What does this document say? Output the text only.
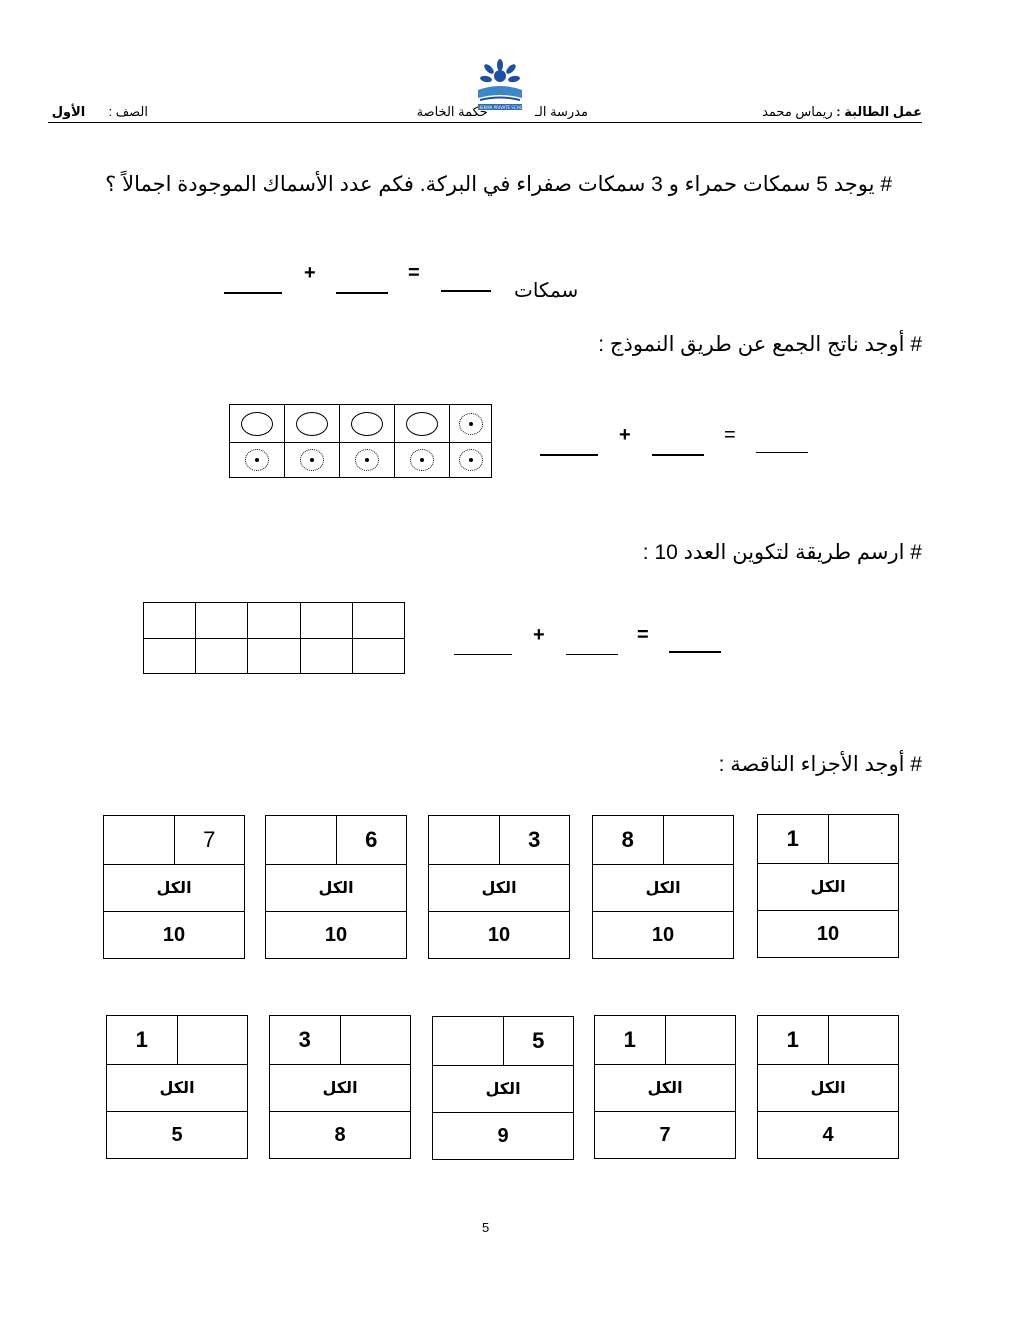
AL HEKMA PRIVATE SCHOOL	عمل الطالبة : ريماس محمد
مدرسة الـ  حكمة الخاصة
الصف :  الأول
# يوجد 5 سمكات حمراء و 3 سمكات صفراء في البركة. فكم عدد الأسماك الموجودة اجمالاً ؟
+	=
سمكات
# أوجد ناتج الجمع عن طريق النموذج :

+	=
# ارسم طريقة لتكوين العدد 10 :

+	=
# أوجد الأجزاء الناقصة :
7
الكل
10
6
الكل
10
3
الكل
10
8
الكل
10
1
الكل
10
1
الكل
5
3
الكل
8
5
الكل
9
1
الكل
7
1
الكل
4
5
